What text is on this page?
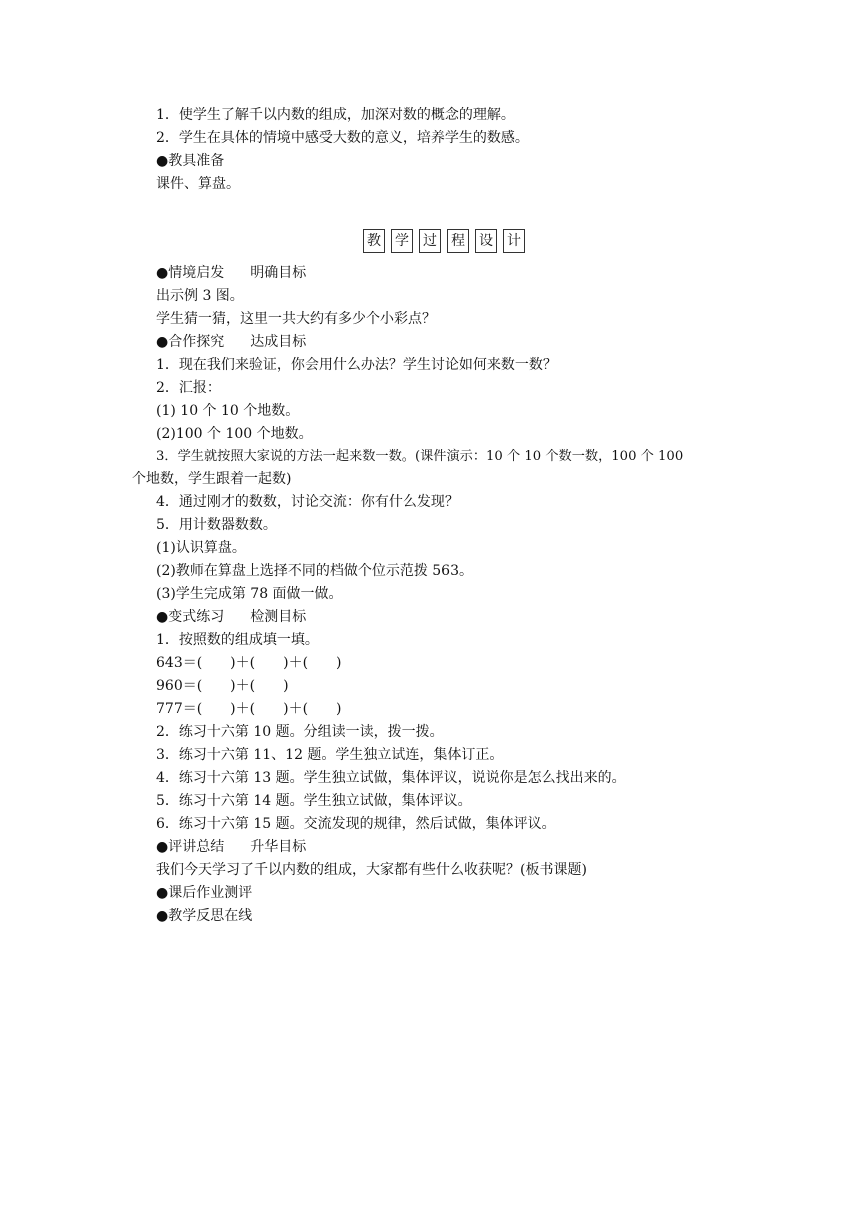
1．使学生了解千以内数的组成，加深对数的概念的理解。
2．学生在具体的情境中感受大数的意义，培养学生的数感。
●教具准备
课件、算盘。
教 学 过 程 设 计
●情境启发 明确目标
出示例 3 图。
学生猜一猜，这里一共大约有多少个小彩点？
●合作探究 达成目标
1．现在我们来验证，你会用什么办法？学生讨论如何来数一数？
2．汇报：
(1) 10 个 10 个地数。
(2)100 个 100 个地数。
3．学生就按照大家说的方法一起来数一数。(课件演示：10 个 10 个数一数，100 个 100
个地数，学生跟着一起数)
4．通过刚才的数数，讨论交流：你有什么发现？
5．用计数器数数。
(1)认识算盘。
(2)教师在算盘上选择不同的档做个位示范拨 563。
(3)学生完成第 78 面做一做。
●变式练习 检测目标
1．按照数的组成填一填。
643＝(　　)＋(　　)＋(　　)
960＝(　　)＋(　　)
777＝(　　)＋(　　)＋(　　)
2．练习十六第 10 题。分组读一读，拨一拨。
3．练习十六第 11、12 题。学生独立试连，集体订正。
4．练习十六第 13 题。学生独立试做，集体评议，说说你是怎么找出来的。
5．练习十六第 14 题。学生独立试做，集体评议。
6．练习十六第 15 题。交流发现的规律，然后试做，集体评议。
●评讲总结 升华目标
我们今天学习了千以内数的组成，大家都有些什么收获呢？(板书课题)
●课后作业测评
●教学反思在线
